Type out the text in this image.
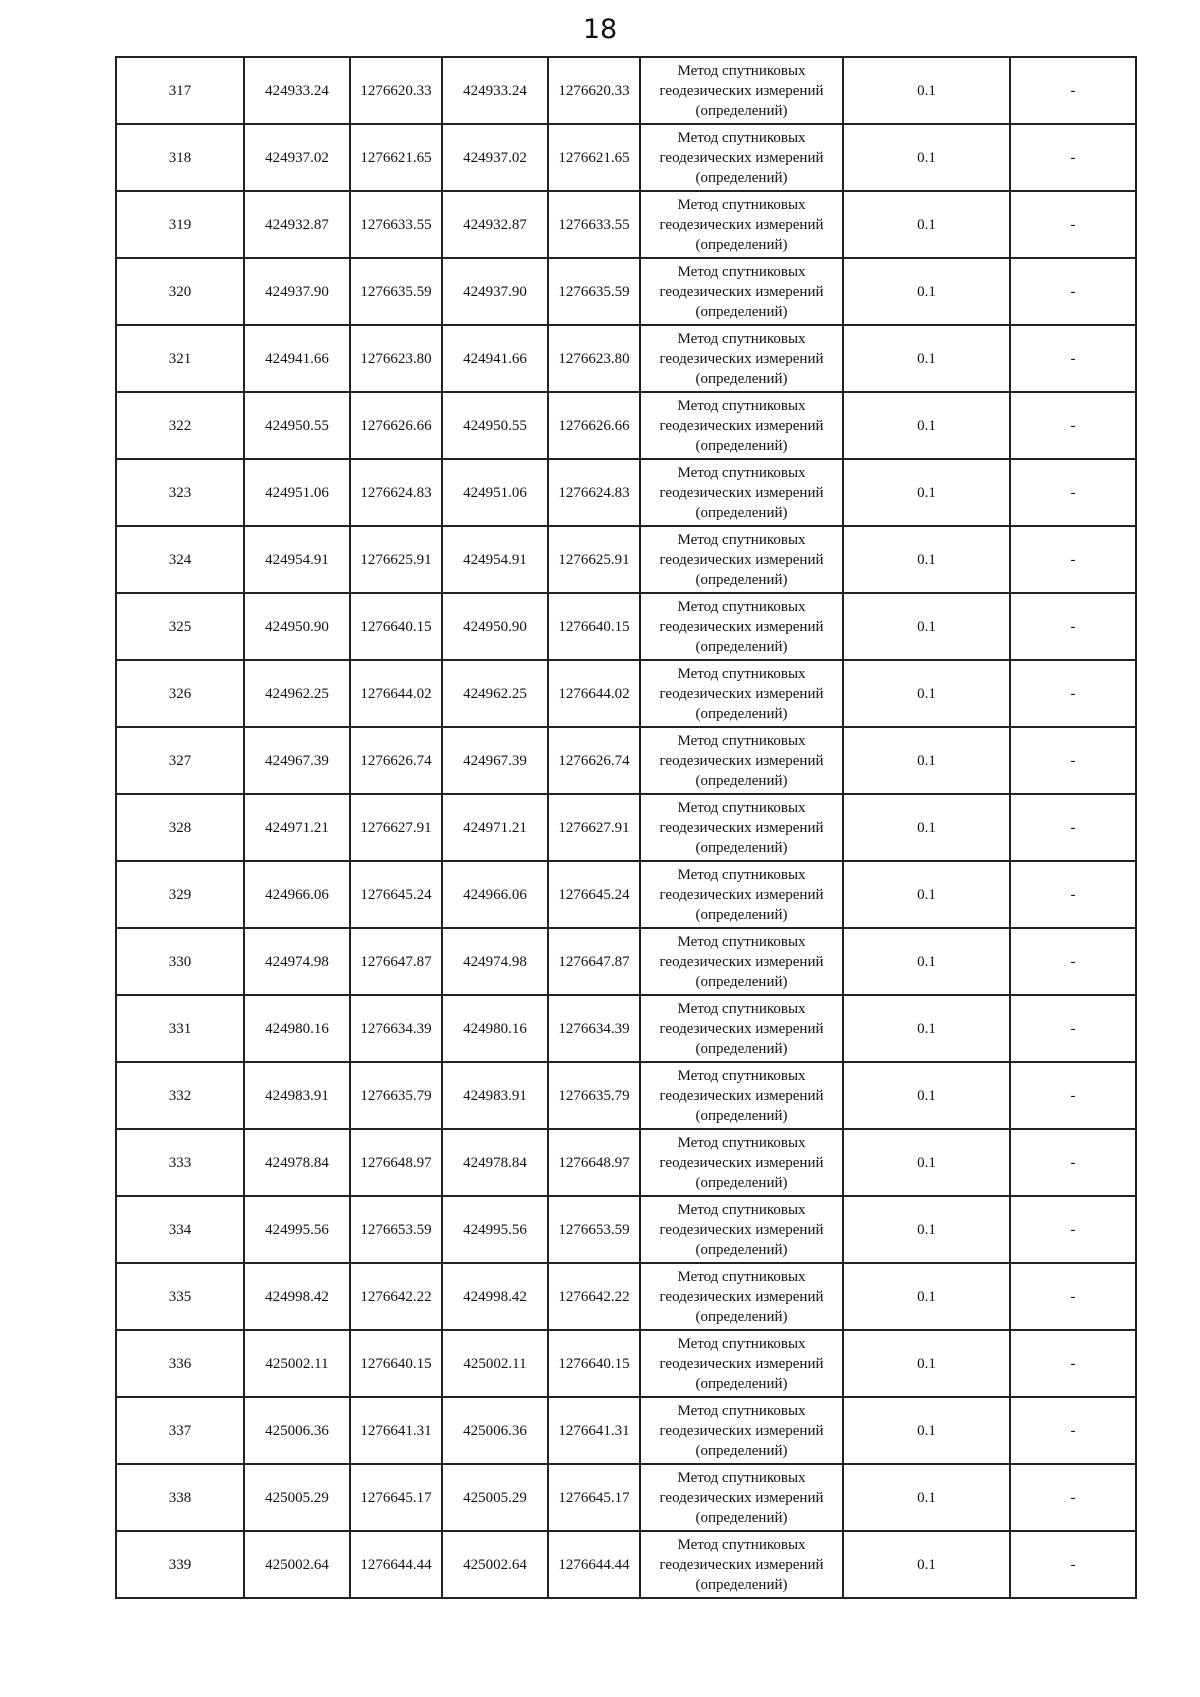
18
317	424933.24	1276620.33	424933.24	1276620.33	Метод спутниковых
геодезических измерений
(определений)	0.1	-
318	424937.02	1276621.65	424937.02	1276621.65	Метод спутниковых
геодезических измерений
(определений)	0.1	-
319	424932.87	1276633.55	424932.87	1276633.55	Метод спутниковых
геодезических измерений
(определений)	0.1	-
320	424937.90	1276635.59	424937.90	1276635.59	Метод спутниковых
геодезических измерений
(определений)	0.1	-
321	424941.66	1276623.80	424941.66	1276623.80	Метод спутниковых
геодезических измерений
(определений)	0.1	-
322	424950.55	1276626.66	424950.55	1276626.66	Метод спутниковых
геодезических измерений
(определений)	0.1	-
323	424951.06	1276624.83	424951.06	1276624.83	Метод спутниковых
геодезических измерений
(определений)	0.1	-
324	424954.91	1276625.91	424954.91	1276625.91	Метод спутниковых
геодезических измерений
(определений)	0.1	-
325	424950.90	1276640.15	424950.90	1276640.15	Метод спутниковых
геодезических измерений
(определений)	0.1	-
326	424962.25	1276644.02	424962.25	1276644.02	Метод спутниковых
геодезических измерений
(определений)	0.1	-
327	424967.39	1276626.74	424967.39	1276626.74	Метод спутниковых
геодезических измерений
(определений)	0.1	-
328	424971.21	1276627.91	424971.21	1276627.91	Метод спутниковых
геодезических измерений
(определений)	0.1	-
329	424966.06	1276645.24	424966.06	1276645.24	Метод спутниковых
геодезических измерений
(определений)	0.1	-
330	424974.98	1276647.87	424974.98	1276647.87	Метод спутниковых
геодезических измерений
(определений)	0.1	-
331	424980.16	1276634.39	424980.16	1276634.39	Метод спутниковых
геодезических измерений
(определений)	0.1	-
332	424983.91	1276635.79	424983.91	1276635.79	Метод спутниковых
геодезических измерений
(определений)	0.1	-
333	424978.84	1276648.97	424978.84	1276648.97	Метод спутниковых
геодезических измерений
(определений)	0.1	-
334	424995.56	1276653.59	424995.56	1276653.59	Метод спутниковых
геодезических измерений
(определений)	0.1	-
335	424998.42	1276642.22	424998.42	1276642.22	Метод спутниковых
геодезических измерений
(определений)	0.1	-
336	425002.11	1276640.15	425002.11	1276640.15	Метод спутниковых
геодезических измерений
(определений)	0.1	-
337	425006.36	1276641.31	425006.36	1276641.31	Метод спутниковых
геодезических измерений
(определений)	0.1	-
338	425005.29	1276645.17	425005.29	1276645.17	Метод спутниковых
геодезических измерений
(определений)	0.1	-
339	425002.64	1276644.44	425002.64	1276644.44	Метод спутниковых
геодезических измерений
(определений)	0.1	-
